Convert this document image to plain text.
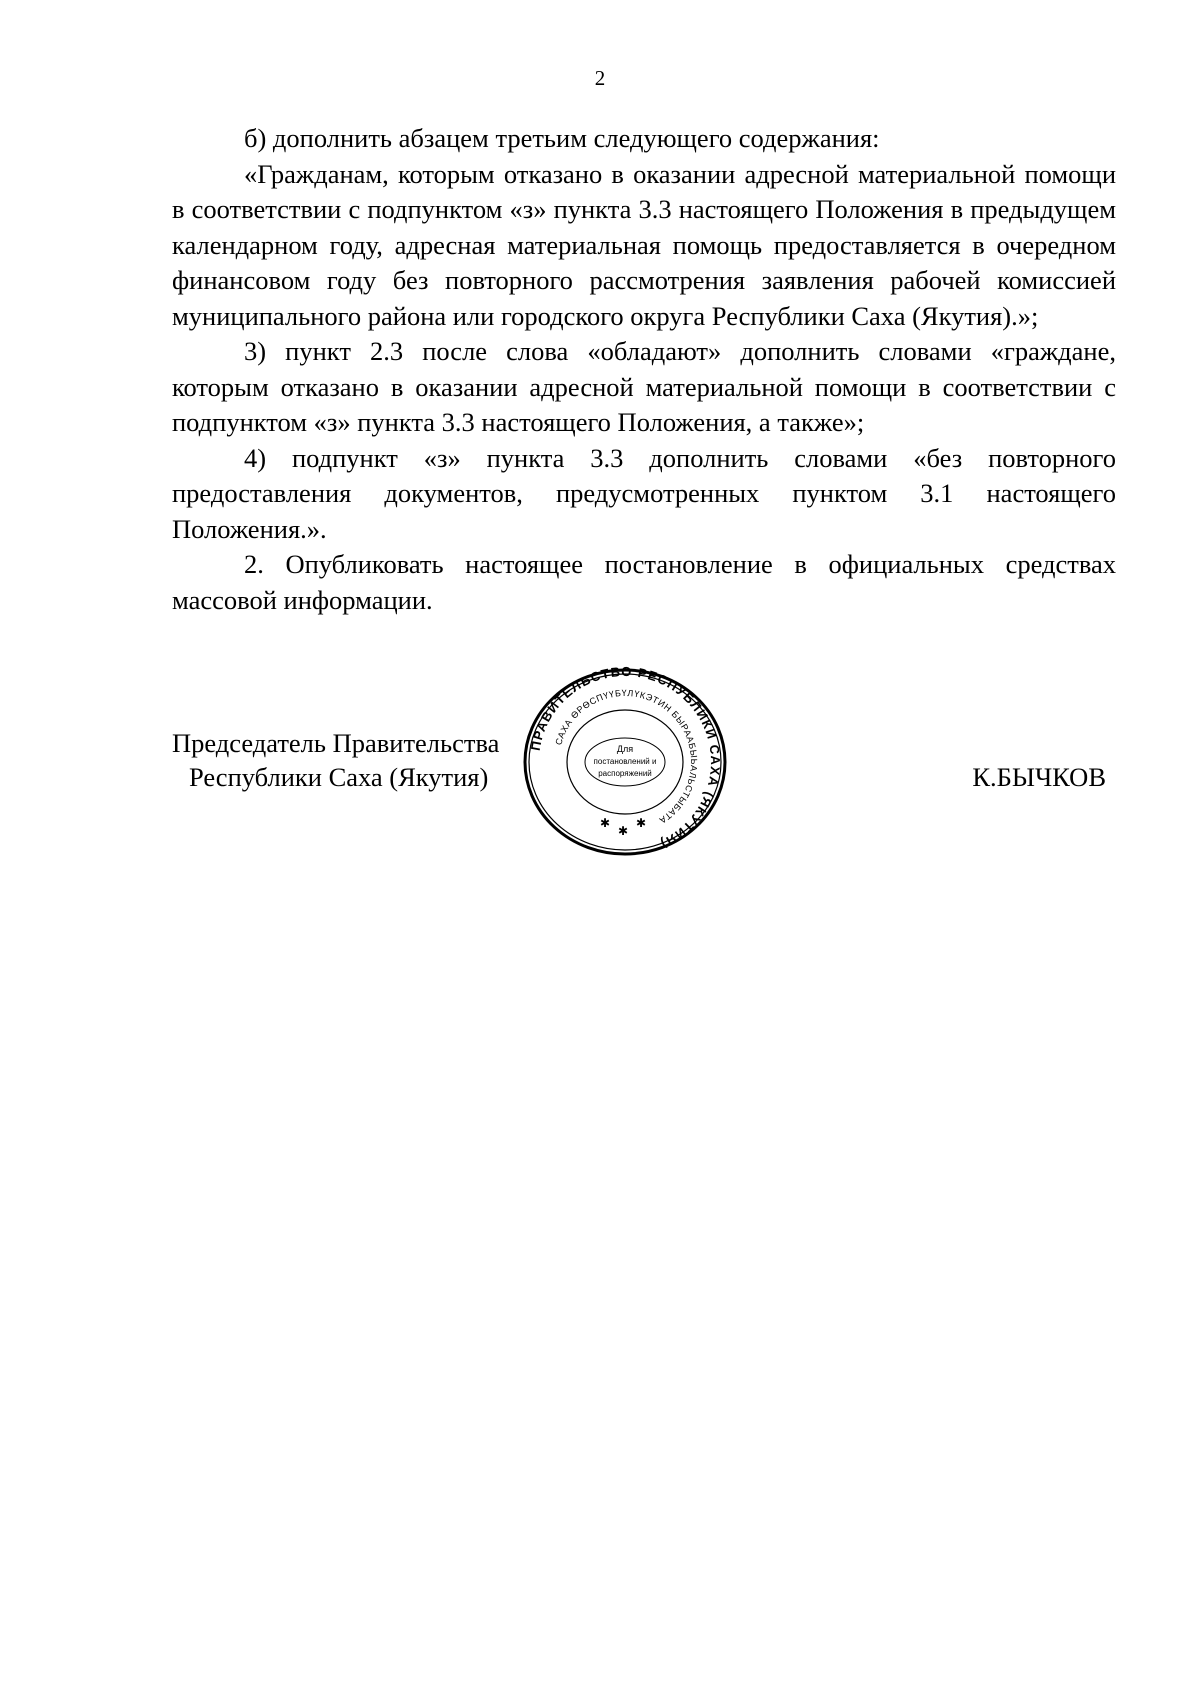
2

б) дополнить абзацем третьим следующего содержания:

«Гражданам, которым отказано в оказании адресной материальной помощи в соответствии с подпунктом «з» пункта 3.3 настоящего Положения в предыдущем календарном году, адресная материальная помощь предоставляется в очередном финансовом году без повторного рассмотрения заявления рабочей комиссией муниципального района или городского округа Республики Саха (Якутия).»;

3) пункт 2.3 после слова «обладают» дополнить словами «граждане, которым отказано в оказании адресной материальной помощи в соответствии с подпунктом «з» пункта 3.3 настоящего Положения, а также»;

4) подпункт «з» пункта 3.3 дополнить словами «без повторного предоставления документов, предусмотренных пунктом 3.1 настоящего Положения.».

2. Опубликовать настоящее постановление в официальных средствах массовой информации.

Председатель Правительства
Республики Саха (Якутия)	К.БЫЧКОВ
ПРАВИТЕЛЬСТВО РЕСПУБЛИКИ САХА (ЯКУТИЯ)
САХА ӨРӨСПҮҮБҮЛҮКЭТИН БЫРААБЫЬАЛЬСТЫБАТА
Для
постановлений и
распоряжений
✱
✱
✱
